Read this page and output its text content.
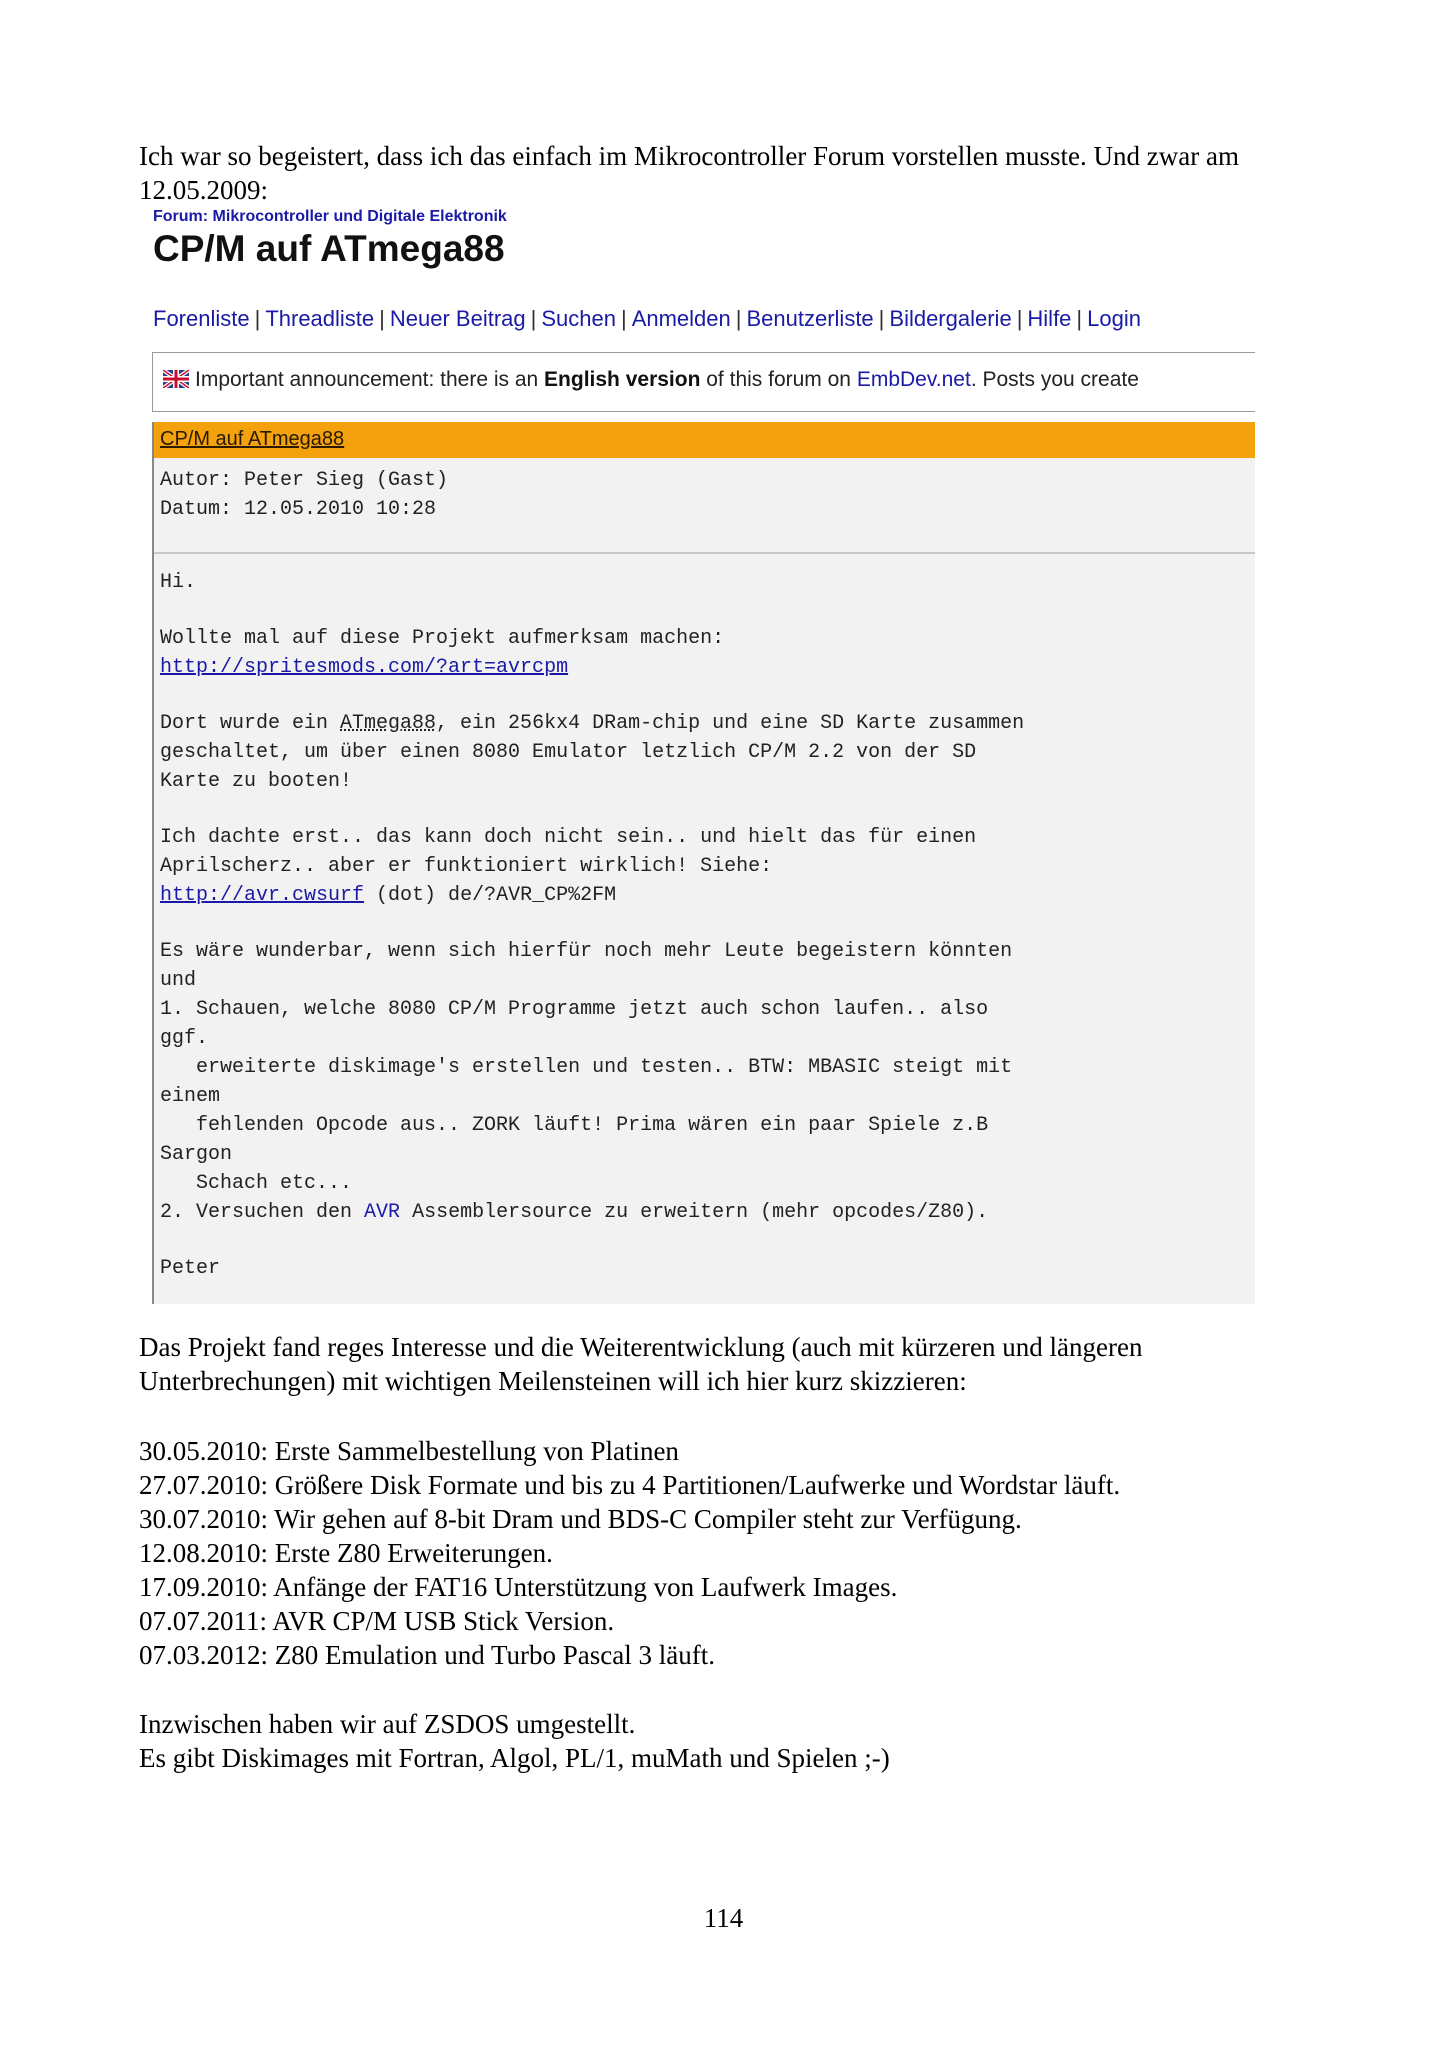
Ich war so begeistert, dass ich das einfach im Mikrocontroller Forum vorstellen musste. Und zwar am 12.05.2009:
Forum: Mikrocontroller und Digitale Elektronik
CP/M auf ATmega88
Forenliste | Threadliste | Neuer Beitrag | Suchen | Anmelden | Benutzerliste | Bildergalerie | Hilfe | Login
Important announcement: there is an English version of this forum on EmbDev.net. Posts you create
CP/M auf ATmega88
Autor: Peter Sieg (Gast)
Datum: 12.05.2010 10:28
Hi.
Wollte mal auf diese Projekt aufmerksam machen:
http://spritesmods.com/?art=avrcpm
Dort wurde ein ATmega88, ein 256kx4 DRam-chip und eine SD Karte zusammen
geschaltet, um über einen 8080 Emulator letzlich CP/M 2.2 von der SD
Karte zu booten!
Ich dachte erst.. das kann doch nicht sein.. und hielt das für einen
Aprilscherz.. aber er funktioniert wirklich! Siehe:
http://avr.cwsurf (dot) de/?AVR_CP%2FM
Es wäre wunderbar, wenn sich hierfür noch mehr Leute begeistern könnten
und
1. Schauen, welche 8080 CP/M Programme jetzt auch schon laufen.. also
ggf.
erweiterte diskimage's erstellen und testen.. BTW: MBASIC steigt mit
einem
fehlenden Opcode aus.. ZORK läuft! Prima wären ein paar Spiele z.B
Sargon
Schach etc...
2. Versuchen den AVR Assemblersource zu erweitern (mehr opcodes/Z80).
Peter
Das Projekt fand reges Interesse und die Weiterentwicklung (auch mit kürzeren und längeren Unterbrechungen) mit wichtigen Meilensteinen will ich hier kurz skizzieren:
30.05.2010: Erste Sammelbestellung von Platinen
27.07.2010: Größere Disk Formate und bis zu 4 Partitionen/Laufwerke und Wordstar läuft.
30.07.2010: Wir gehen auf 8-bit Dram und BDS-C Compiler steht zur Verfügung.
12.08.2010: Erste Z80 Erweiterungen.
17.09.2010: Anfänge der FAT16 Unterstützung von Laufwerk Images.
07.07.2011: AVR CP/M USB Stick Version.
07.03.2012: Z80 Emulation und Turbo Pascal 3 läuft.
Inzwischen haben wir auf ZSDOS umgestellt.
Es gibt Diskimages mit Fortran, Algol, PL/1, muMath und Spielen ;-)
114
